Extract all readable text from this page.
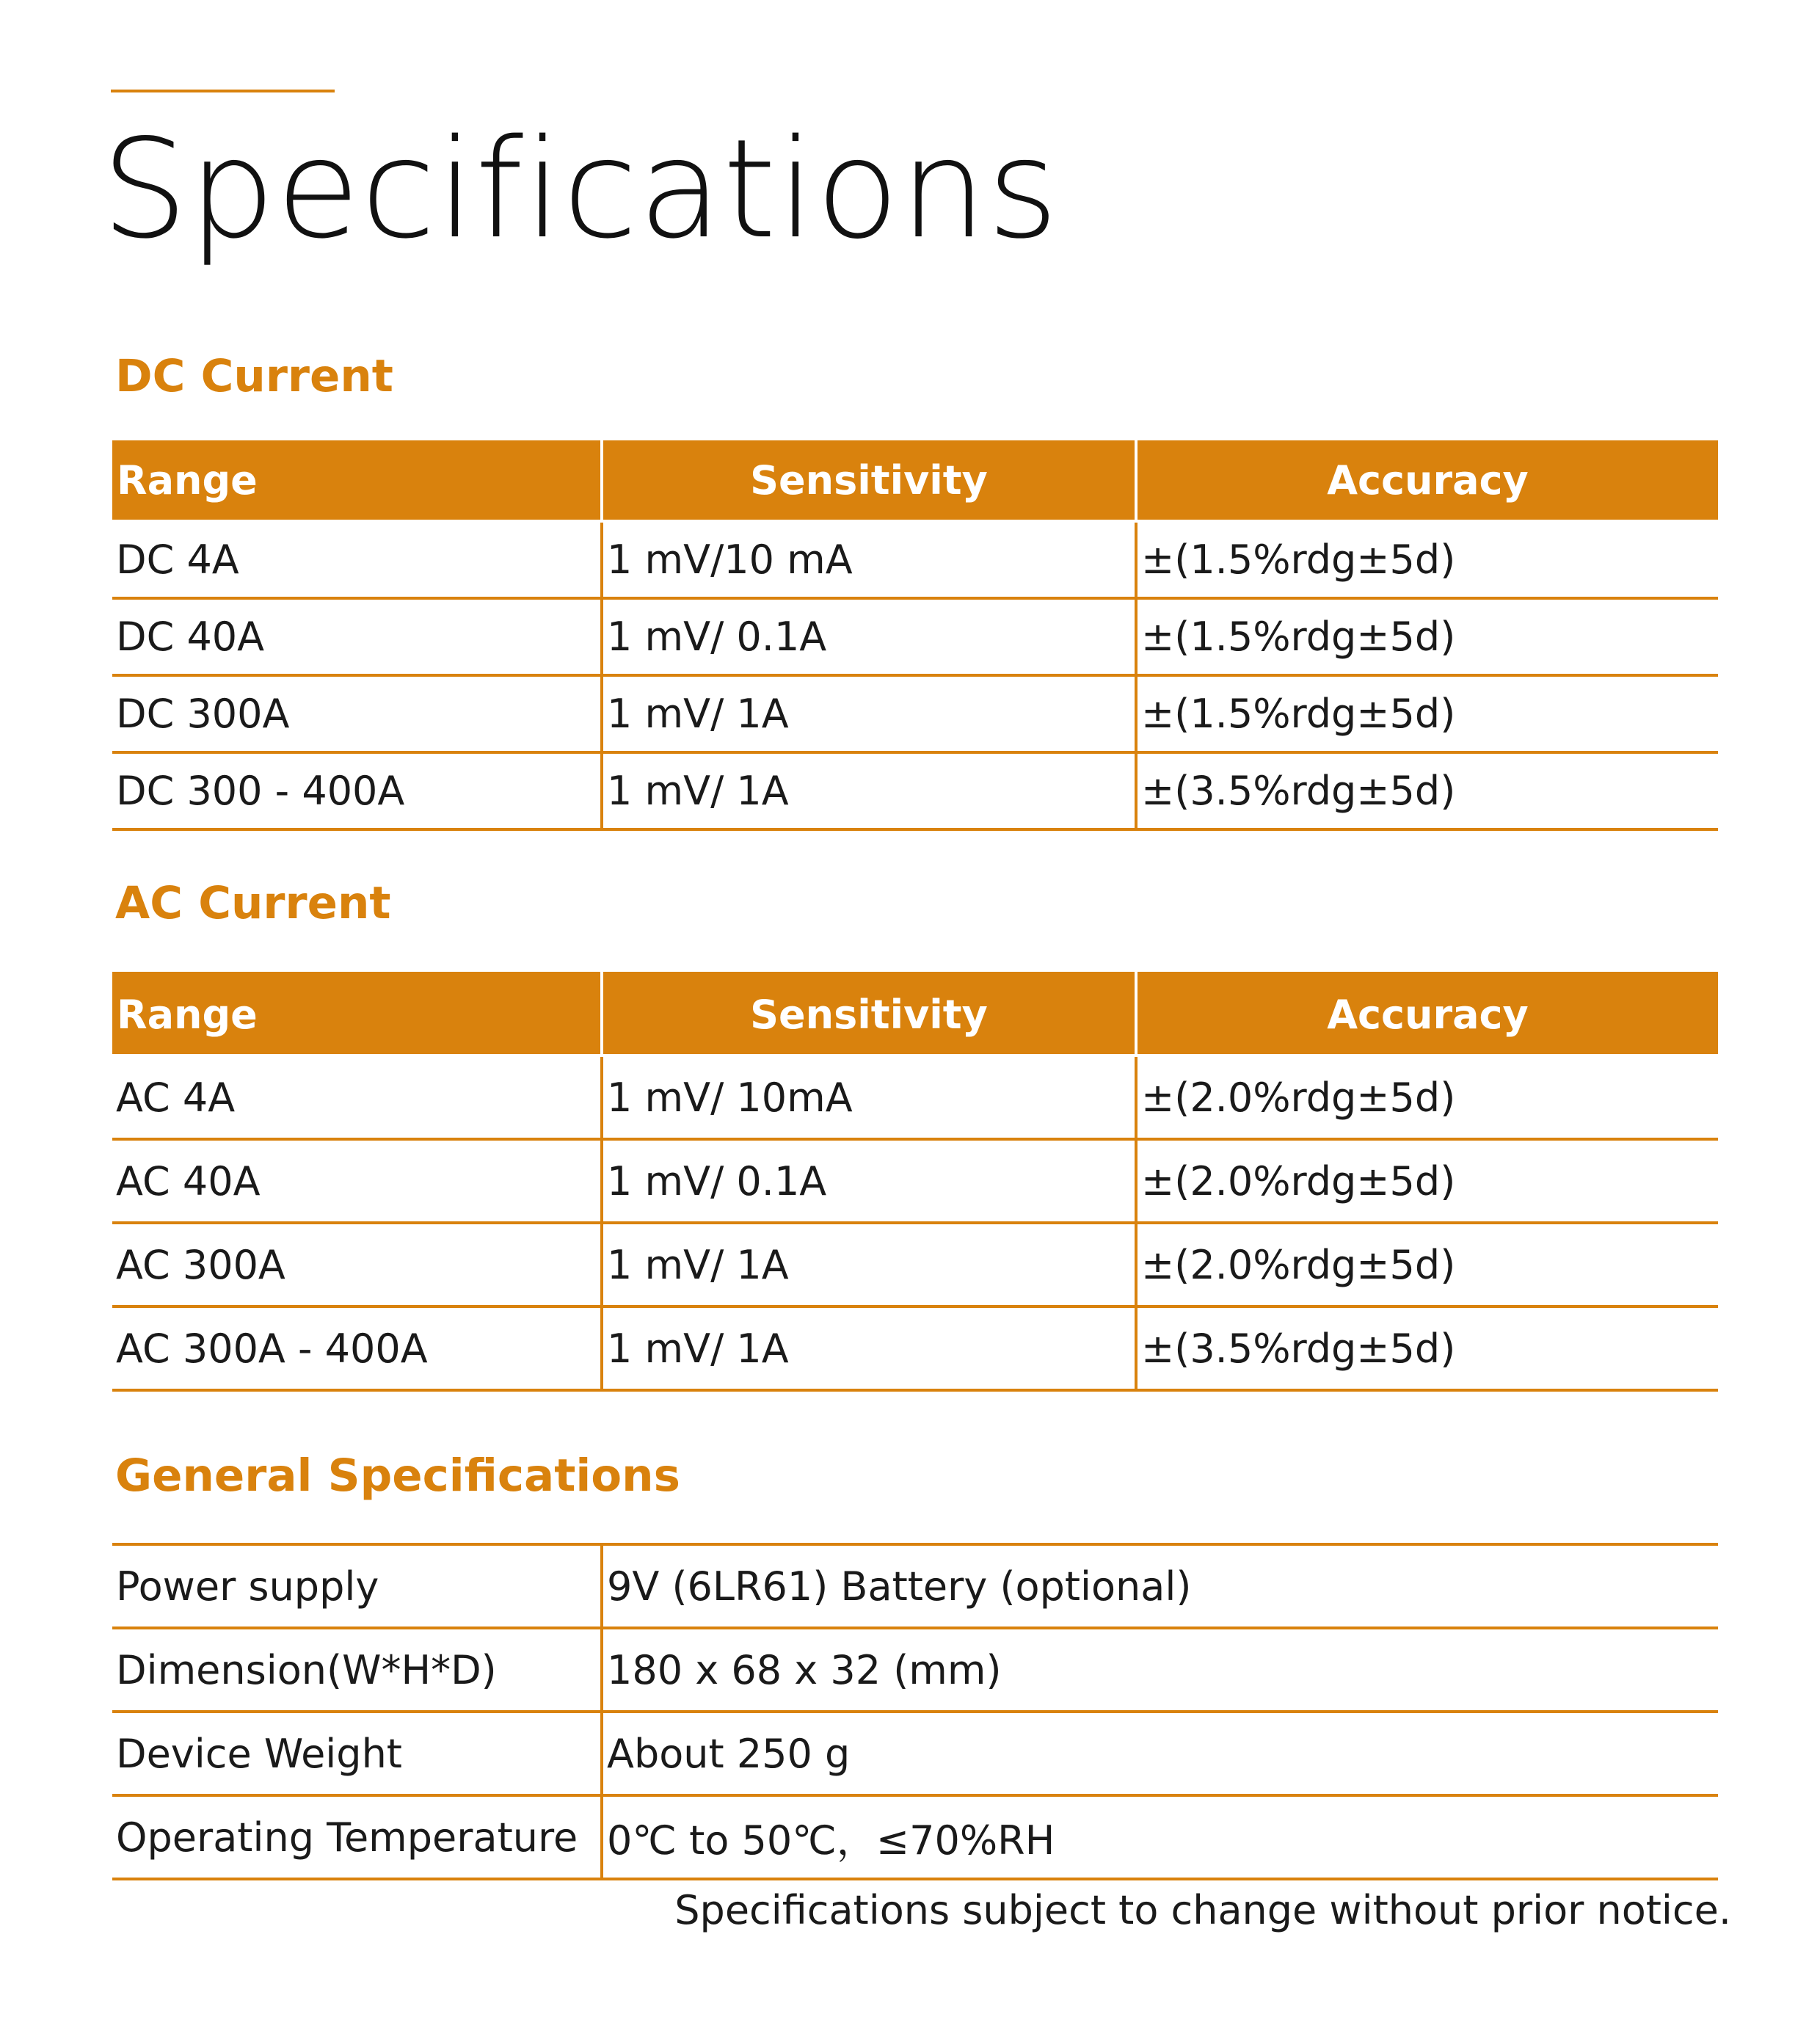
Specifications
DC Current
Range	Sensitivity	Accuracy
DC 4A	1 mV/10 mA	±(1.5%rdg±5d)
DC 40A	1 mV/ 0.1A	±(1.5%rdg±5d)
DC 300A	1 mV/ 1A	±(1.5%rdg±5d)
DC 300 - 400A	1 mV/ 1A	±(3.5%rdg±5d)
AC Current
Range	Sensitivity	Accuracy
AC 4A	1 mV/ 10mA	±(2.0%rdg±5d)
AC 40A	1 mV/ 0.1A	±(2.0%rdg±5d)
AC 300A	1 mV/ 1A	±(2.0%rdg±5d)
AC 300A - 400A	1 mV/ 1A	±(3.5%rdg±5d)
General Specifications
Power supply	9V (6LR61) Battery (optional)
Dimension(W*H*D)	180 x 68 x 32 (mm)
Device Weight	About 250 g
Operating Temperature	0℃ to 50℃，≤70%RH

Specifications subject to change without prior notice.
